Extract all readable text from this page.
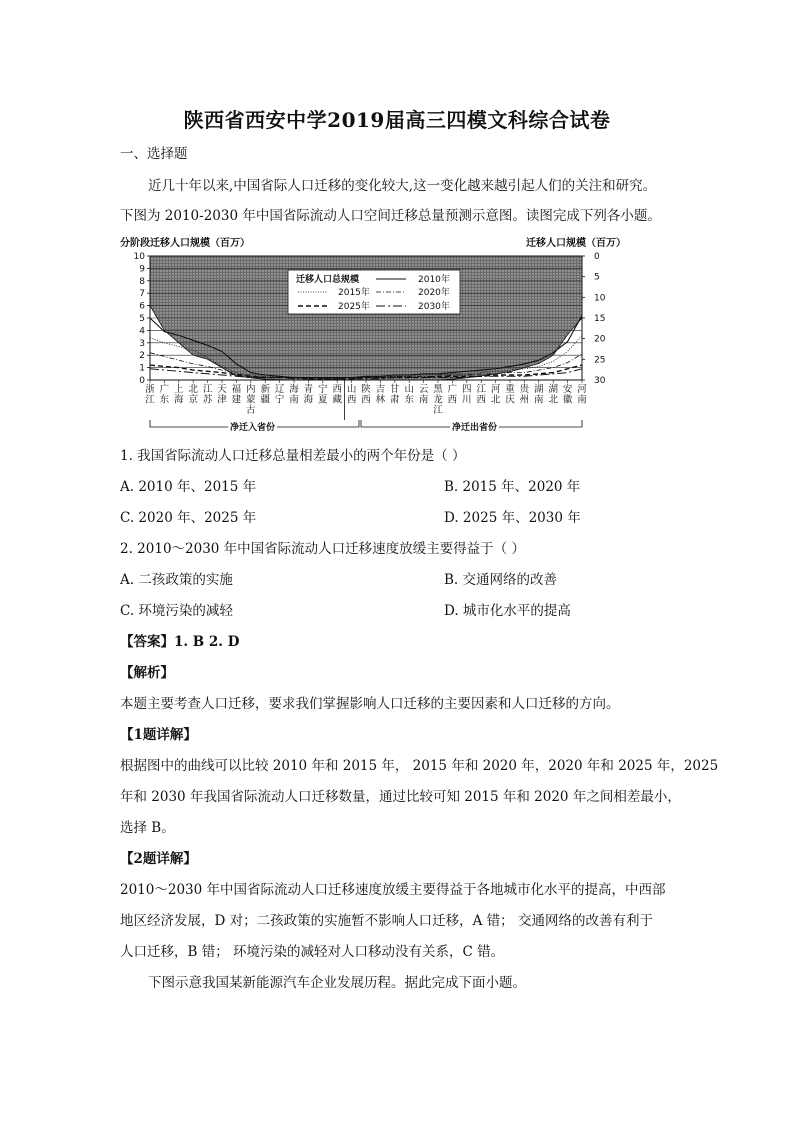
陕西省西安中学2019届高三四模文科综合试卷
一、选择题
近几十年以来,中国省际人口迁移的变化较大,这一变化越来越引起人们的关注和研究。
下图为 2010-2030 年中国省际流动人口空间迁移总量预测示意图。读图完成下列各小题。
分阶段迁移人口规模（百万）	迁移人口规模（百万）
10
9
8
7
6
5
4
3
2
1
0
0
5
10
15
20
25
30
迁移人口总规模	2010年
2015年	2020年
2025年	2030年
浙江
广东
上海
北京
江苏
天津
福建
内蒙古
新疆
辽宁
海南
青海
宁夏
西藏
山西
陕西
吉林
甘肃
山东
云南
黑龙江
广西
四川
江西
河北
重庆
贵州
湖南
湖北
安徽
河南
净迁入省份	净迁出省份
1. 我国省际流动人口迁移总量相差最小的两个年份是（ ）
A. 2010 年、2015 年	B. 2015 年、2020 年
C. 2020 年、2025 年	D. 2025 年、2030 年
2. 2010～2030 年中国省际流动人口迁移速度放缓主要得益于（ ）
A. 二孩政策的实施	B. 交通网络的改善
C. 环境污染的减轻	D. 城市化水平的提高
【答案】1. B 2. D
【解析】
本题主要考查人口迁移，要求我们掌握影响人口迁移的主要因素和人口迁移的方向。
【1题详解】
根据图中的曲线可以比较 2010 年和 2015 年， 2015 年和 2020 年，2020 年和 2025 年，2025
年和 2030 年我国省际流动人口迁移数量，通过比较可知 2015 年和 2020 年之间相差最小，
选择 B。
【2题详解】
2010～2030 年中国省际流动人口迁移速度放缓主要得益于各地城市化水平的提高，中西部
地区经济发展，D 对；二孩政策的实施暂不影响人口迁移，A 错； 交通网络的改善有利于
人口迁移，B 错； 环境污染的减轻对人口移动没有关系，C 错。
下图示意我国某新能源汽车企业发展历程。据此完成下面小题。
